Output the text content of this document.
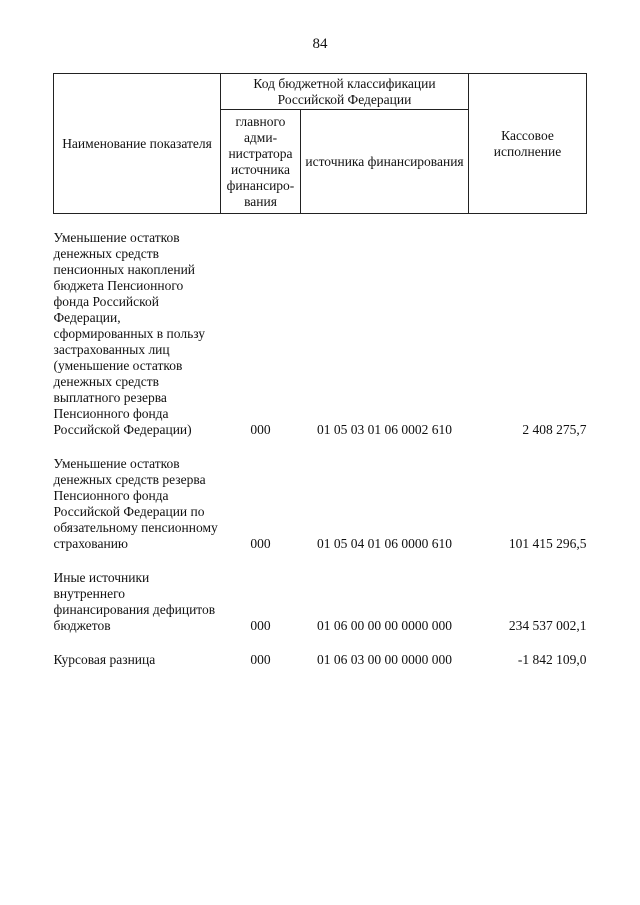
84
Наименование показателя	Код бюджетной классификации Российской Федерации		Кассовое исполнение
	главного адми-нистратора источника финансиро-вания	источника финансирования	

Уменьшение остатков денежных средств пенсионных накоплений бюджета Пенсионного фонда Российской Федерации, сформированных в пользу застрахованных лиц (уменьшение остатков денежных средств выплатного резерва Пенсионного фонда Российской Федерации)	000	01 05 03 01 06 0002 610	2 408 275,7

Уменьшение остатков денежных средств резерва Пенсионного фонда Российской Федерации по обязательному пенсионному страхованию	000	01 05 04 01 06 0000 610	101 415 296,5

Иные источники внутреннего финансирования дефицитов бюджетов	000	01 06 00 00 00 0000 000	234 537 002,1

Курсовая разница	000	01 06 03 00 00 0000 000	-1 842 109,0
